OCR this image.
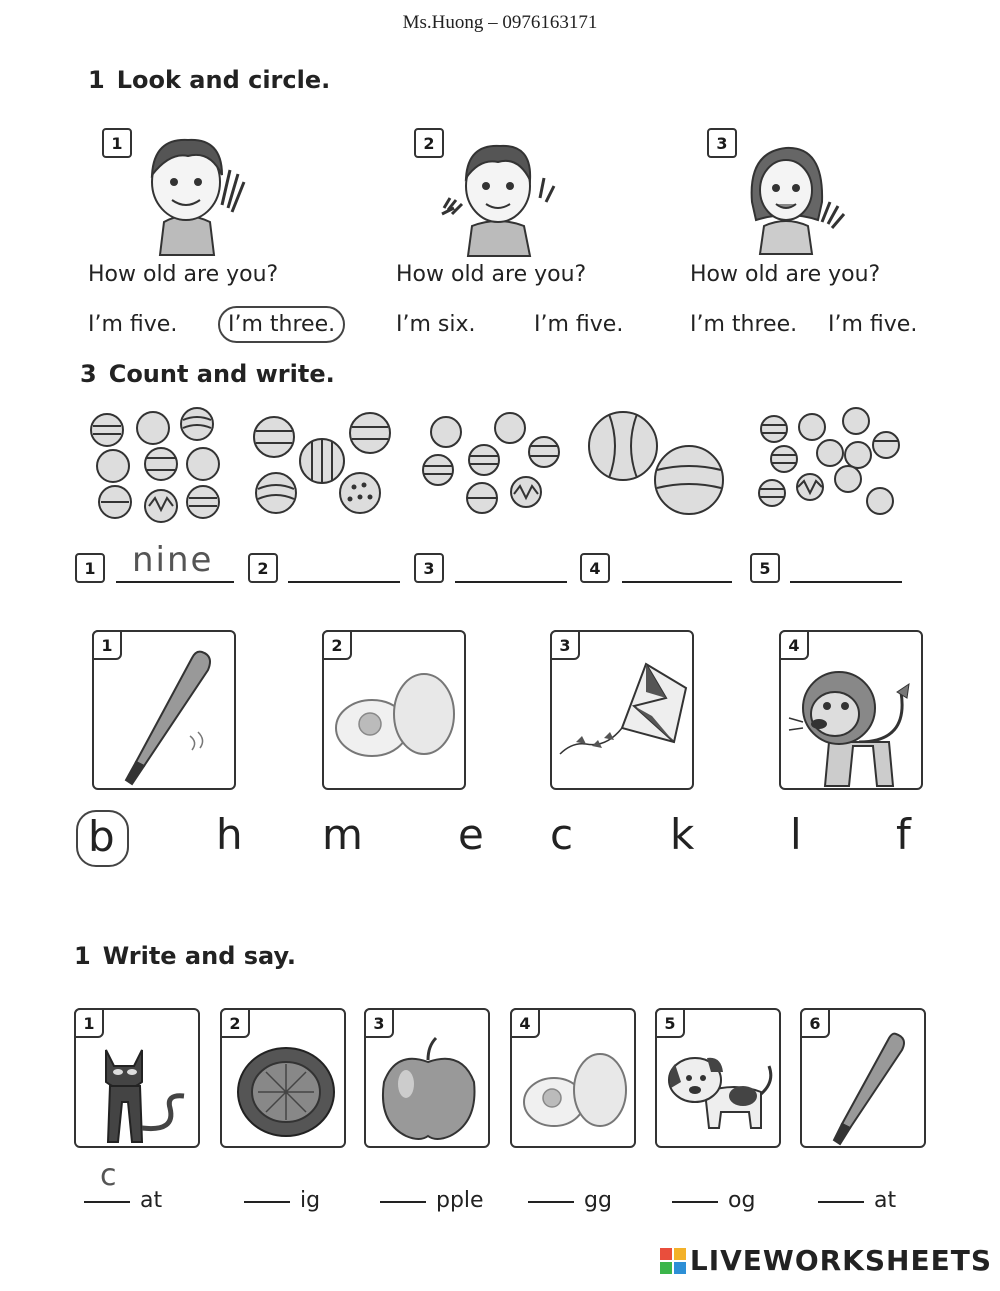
Ms.Huong – 0976163171
1 Look and circle.
1
How old are you?
I’m five.	I’m three.
2
How old are you?
I’m six.	I’m five.
3
How old are you?
I’m three. I’m five.
3 Count and write.
1 nine	2	3	4	5
1	2	3	4
b	h m e c k l f
1 Write and say.
1	2	3	4	5	6
c
at	ig	pple	gg	og	at
LIVEWORKSHEETS
